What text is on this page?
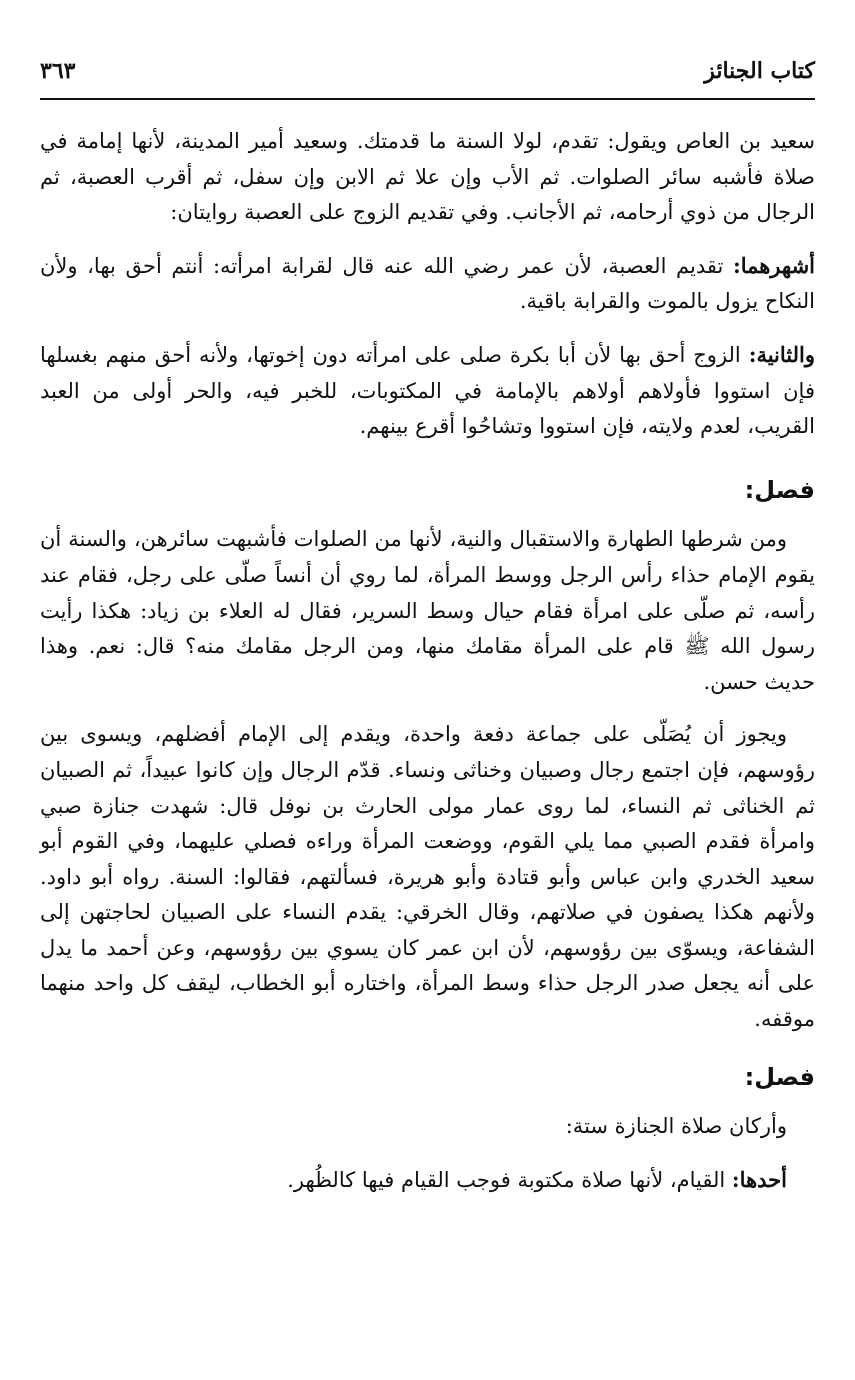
كتاب الجنائز
٣٦٣

سعيد بن العاص ويقول: تقدم، لولا السنة ما قدمتك. وسعيد أمير المدينة، لأنها إمامة في صلاة فأشبه سائر الصلوات. ثم الأب وإن علا ثم الابن وإن سفل، ثم أقرب العصبة، ثم الرجال من ذوي أرحامه، ثم الأجانب. وفي تقديم الزوج على العصبة روايتان:

أشهرهما: تقديم العصبة، لأن عمر رضي الله عنه قال لقرابة امرأته: أنتم أحق بها، ولأن النكاح يزول بالموت والقرابة باقية.

والثانية: الزوج أحق بها لأن أبا بكرة صلى على امرأته دون إخوتها، ولأنه أحق منهم بغسلها فإن استووا فأولاهم أولاهم بالإمامة في المكتوبات، للخبر فيه، والحر أولى من العبد القريب، لعدم ولايته، فإن استووا وتشاحُوا أقرع بينهم.

فصل:

ومن شرطها الطهارة والاستقبال والنية، لأنها من الصلوات فأشبهت سائرهن، والسنة أن يقوم الإمام حذاء رأس الرجل ووسط المرأة، لما روي أن أنساً صلّى على رجل، فقام عند رأسه، ثم صلّى على امرأة فقام حيال وسط السرير، فقال له العلاء بن زياد: هكذا رأيت رسول الله ﷺ قام على المرأة مقامك منها، ومن الرجل مقامك منه؟ قال: نعم. وهذا حديث حسن.

ويجوز أن يُصَلّى على جماعة دفعة واحدة، ويقدم إلى الإمام أفضلهم، ويسوى بين رؤوسهم، فإن اجتمع رجال وصبيان وخناثى ونساء. قدّم الرجال وإن كانوا عبيداً، ثم الصبيان ثم الخناثى ثم النساء، لما روى عمار مولى الحارث بن نوفل قال: شهدت جنازة صبي وامرأة فقدم الصبي مما يلي القوم، ووضعت المرأة وراءه فصلي عليهما، وفي القوم أبو سعيد الخدري وابن عباس وأبو قتادة وأبو هريرة، فسألتهم، فقالوا: السنة. رواه أبو داود. ولأنهم هكذا يصفون في صلاتهم، وقال الخرقي: يقدم النساء على الصبيان لحاجتهن إلى الشفاعة، ويسوّى بين رؤوسهم، لأن ابن عمر كان يسوي بين رؤوسهم، وعن أحمد ما يدل على أنه يجعل صدر الرجل حذاء وسط المرأة، واختاره أبو الخطاب، ليقف كل واحد منهما موقفه.

فصل:

وأركان صلاة الجنازة ستة:

أحدها: القيام، لأنها صلاة مكتوبة فوجب القيام فيها كالظُهر.
